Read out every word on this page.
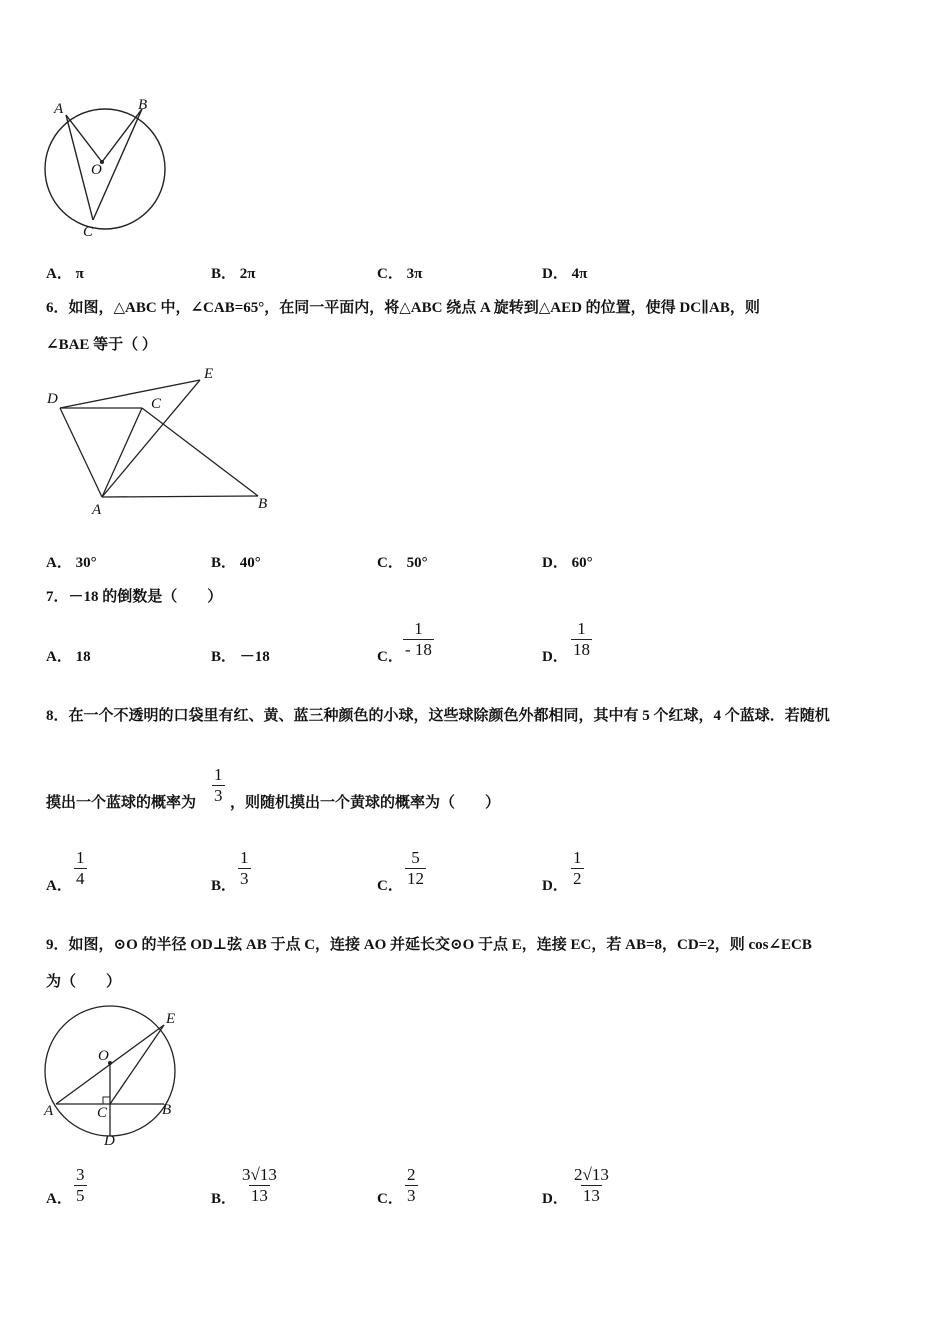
A	B
O
C
A． π	B． 2π	C． 3π	D． 4π
6．如图，△ABC 中，∠CAB=65°，在同一平面内，将△ABC 绕点 A 旋转到△AED 的位置，使得 DC∥AB，则
∠BAE 等于（ ）
D
E
C
A	B
A． 30°	B． 40°	C． 50°	D． 60°
7．－18 的倒数是（　　）
A． 18	B． －18	C． $\frac{1}{- 18}$	D． $\frac{1}{18}$
8．在一个不透明的口袋里有红、黄、蓝三种颜色的小球，这些球除颜色外都相同，其中有 5 个红球，4 个蓝球．若随机
摸出一个蓝球的概率为 $\frac{1}{3}$ ，则随机摸出一个黄球的概率为（　　）
A． $\frac{1}{4}$	B． $\frac{1}{3}$	C． $\frac{5}{12}$	D． $\frac{1}{2}$
9．如图，⊙O 的半径 OD⊥弦 AB 于点 C，连接 AO 并延长交⊙O 于点 E，连接 EC，若 AB=8，CD=2，则 cos∠ECB
为（　　）
E
O
A	C	B
D
A． $\frac{3}{5}$	B． $\frac{3√13}{13}$	C． $\frac{2}{3}$	D． $\frac{2√13}{13}$
